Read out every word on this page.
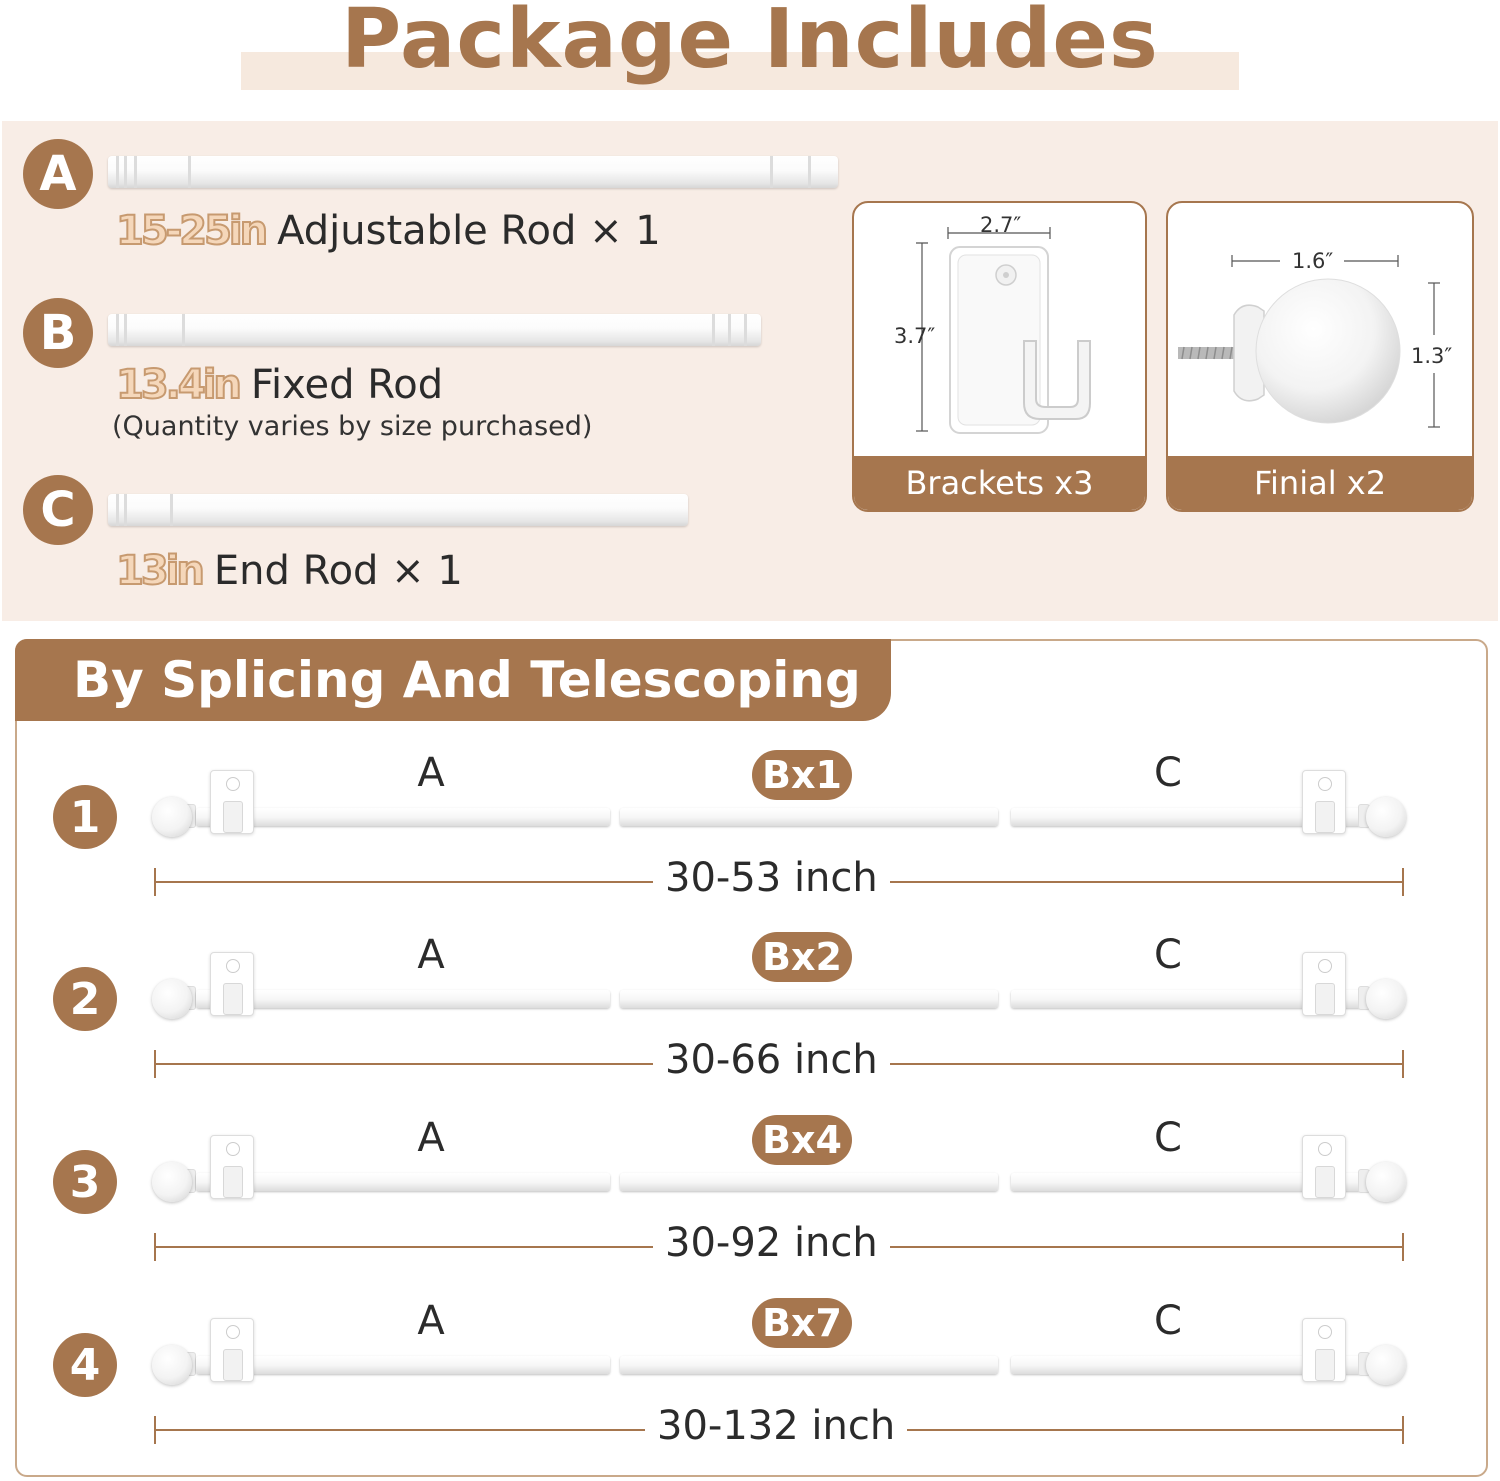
Package Includes
A
15-25in Adjustable Rod × 1
B
13.4in Fixed Rod
(Quantity varies by size purchased)
C
13in End Rod × 1
2.7″
3.7″
Brackets x3
1.6″
1.3″
Finial x2
By Splicing And Telescoping
1
A	Bx1	C
30-53 inch
2
A	Bx2	C
30-66 inch
3
A	Bx4	C
30-92 inch
4
A	Bx7	C
30-132 inch
